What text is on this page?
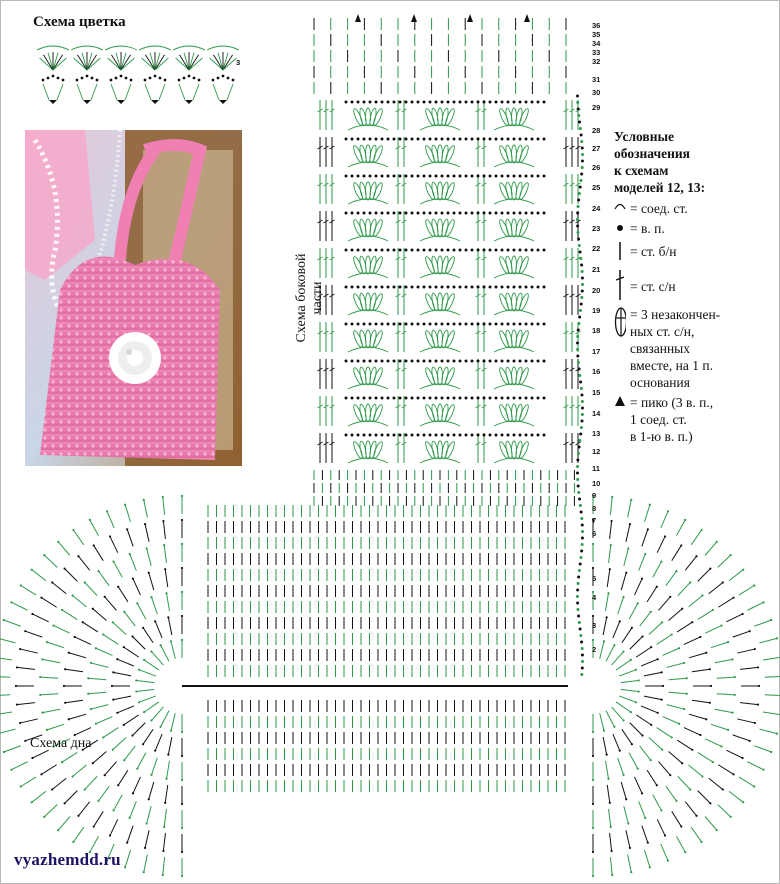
Схема цветка
3
Схема боковой части
36
35
34
33
32
31
30
29
28
27
26
25
24
23
22
21
20
19
18
17
16
15
14
13
12
11
10
9
8
7
6
5
4
3
2
Условные
обозначения
к схемам
моделей 12, 13:
= соед. ст.
= в. п.
= ст. б/н
= ст. с/н
= 3 незакончен-
ных ст. с/н,
связанных
вместе, на 1 п.
основания
= пико (3 в. п.,
1 соед. ст.
в 1-ю в. п.)
Схема дна
vyazhemdd.ru
